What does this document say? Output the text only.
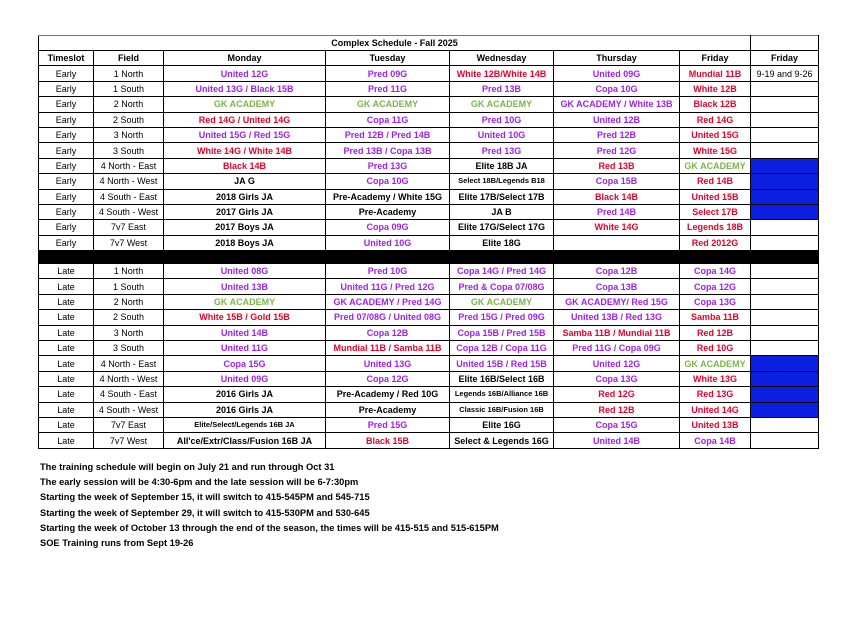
Complex Schedule - Fall 2025							
Timeslot	Field	Monday	Tuesday	Wednesday	Thursday	Friday	Friday
Early	1 North	United 12G	Pred 09G	White 12B/White 14B	United 09G	Mundial 11B	9-19 and 9-26
Early	1 South	United 13G / Black 15B	Pred 11G	Pred 13B	Copa 10G	White 12B	
Early	2 North	GK ACADEMY	GK ACADEMY	GK ACADEMY	GK ACADEMY / White 13B	Black 12B	
Early	2 South	Red 14G / United 14G	Copa 11G	Pred 10G	United 12B	Red 14G	
Early	3 North	United 15G / Red 15G	Pred 12B / Pred 14B	United 10G	Pred 12B	United 15G	
Early	3 South	White 14G / White 14B	Pred 13B / Copa 13B	Pred 13G	Pred 12G	White 15G	
Early	4 North - East	Black 14B	Pred 13G	Elite 18B JA	Red 13B	GK ACADEMY	SOE
Early	4 North - West	JA G	Copa 10G	Select 18B/Legends B18	Copa 15B	Red 14B	SOE
Early	4 South - East	2018 Girls JA	Pre-Academy / White 15G	Elite 17B/Select 17B	Black 14B	United 15B	SOE
Early	4 South - West	2017 Girls JA	Pre-Academy	JA B	Pred 14B	Select 17B	SOE
Early	7v7 East	2017 Boys JA	Copa 09G	Elite 17G/Select 17G	White 14G	Legends 18B	
Early	7v7 West	2018 Boys JA	United 10G	Elite 18G		Red 2012G	

Late	1 North	United 08G	Pred 10G	Copa 14G / Pred 14G	Copa 12B	Copa 14G	
Late	1 South	United 13B	United 11G / Pred 12G	Pred & Copa 07/08G	Copa 13B	Copa 12G	
Late	2 North	GK ACADEMY	GK ACADEMY / Pred 14G	GK ACADEMY	GK ACADEMY/ Red 15G	Copa 13G	
Late	2 South	White 15B / Gold 15B	Pred 07/08G / United 08G	Pred 15G / Pred 09G	United 13B / Red 13G	Samba 11B	
Late	3 North	United 14B	Copa 12B	Copa 15B / Pred 15B	Samba 11B / Mundial 11B	Red 12B	
Late	3 South	United 11G	Mundial 11B / Samba 11B	Copa 12B / Copa 11G	Pred 11G / Copa 09G	Red 10G	
Late	4 North - East	Copa 15G	United 13G	United 15B / Red 15B	United 12G	GK ACADEMY	SOE
Late	4 North - West	United 09G	Copa 12G	Elite 16B/Select 16B	Copa 13G	White 13G	SOE
Late	4 South - East	2016 Girls JA	Pre-Academy / Red 10G	Legends 16B/Alliance 16B	Red 12G	Red 13G	SOE
Late	4 South - West	2016 Girls JA	Pre-Academy	Classic 16B/Fusion 16B	Red 12B	United 14G	SOE
Late	7v7 East	Elite/Select/Legends 16B JA	Pred 15G	Elite 16G	Copa 15G	United 13B	
Late	7v7 West	All'ce/Extr/Class/Fusion 16B JA	Black 15B	Select & Legends 16G	United 14B	Copa 14B	
The training schedule will begin on July 21 and run through Oct 31
The early session will be 4:30-6pm and the late session will be 6-7:30pm
Starting the week of September 15, it will switch to 415-545PM and 545-715
Starting the week of September 29, it will switch to 415-530PM and 530-645
Starting the week of October 13 through the end of the season, the times will be 415-515 and 515-615PM
SOE Training runs from Sept 19-26
